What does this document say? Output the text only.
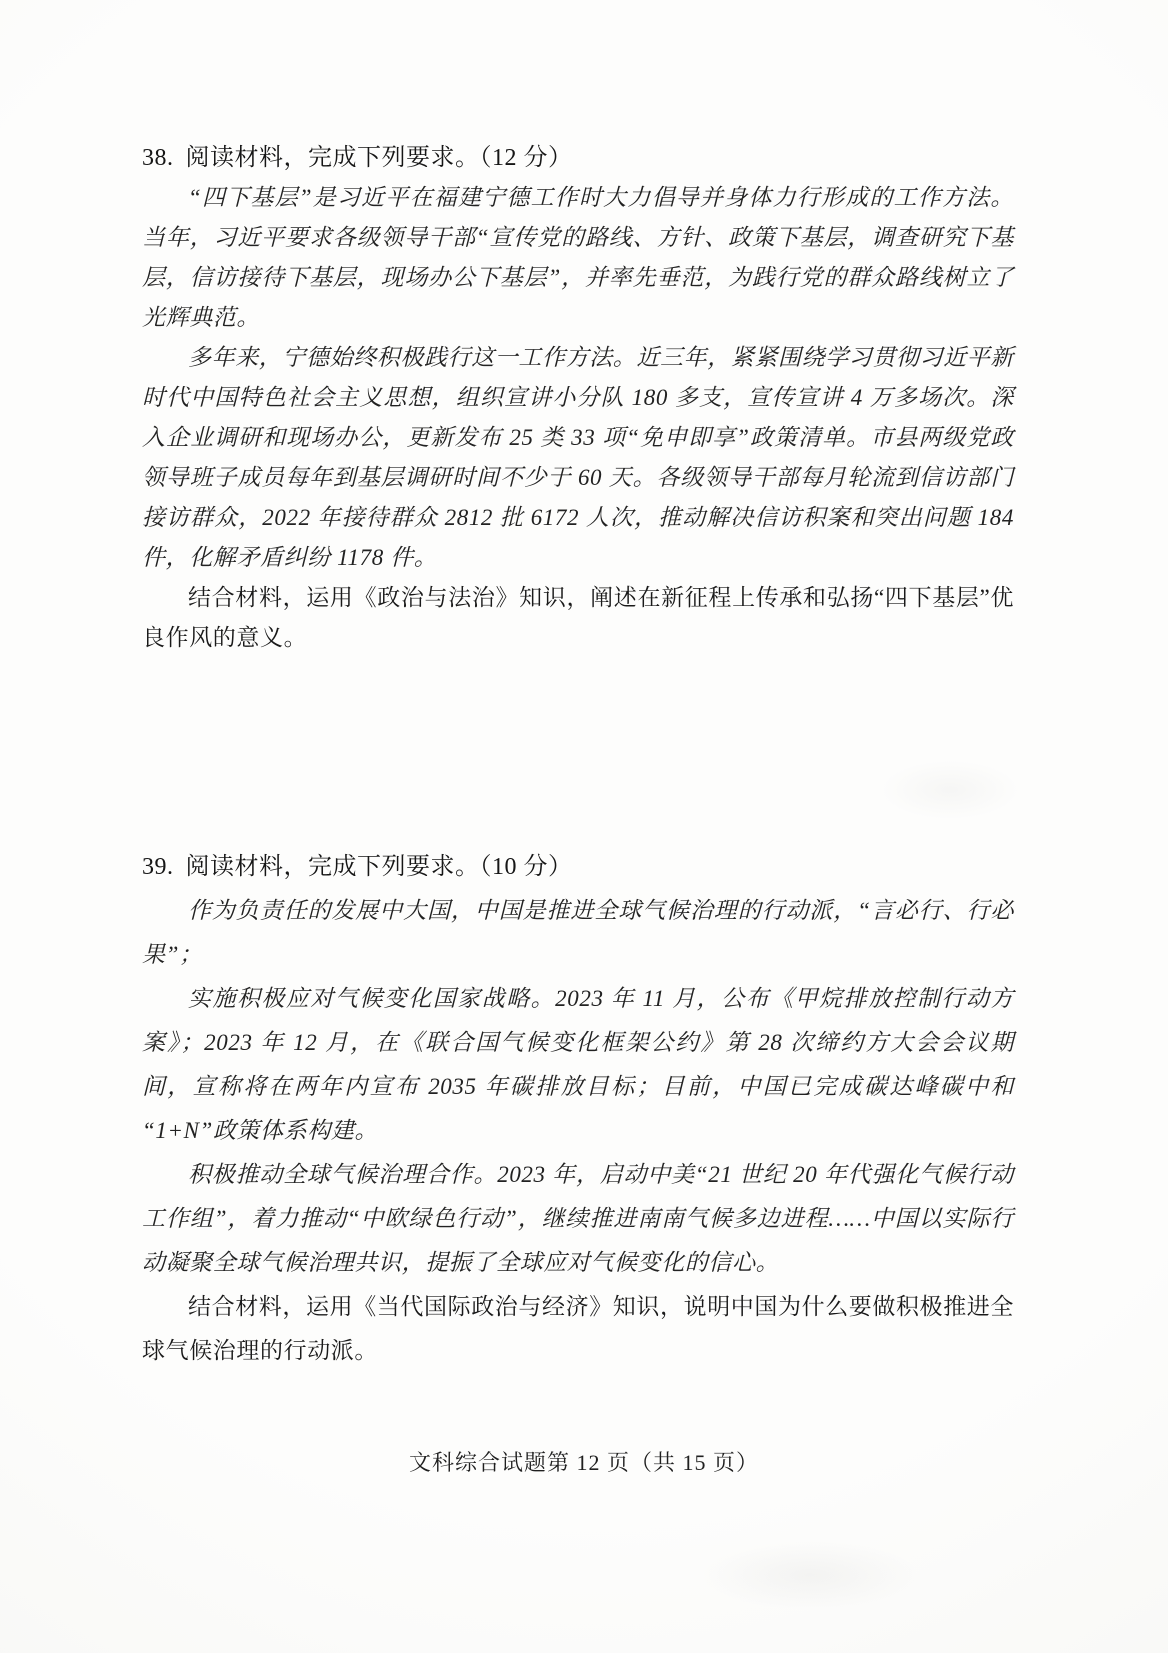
38. 阅读材料，完成下列要求。（12 分）

“四下基层”是习近平在福建宁德工作时大力倡导并身体力行形成的工作方法。当年，习近平要求各级领导干部“宣传党的路线、方针、政策下基层，调查研究下基层，信访接待下基层，现场办公下基层”，并率先垂范，为践行党的群众路线树立了光辉典范。

多年来，宁德始终积极践行这一工作方法。近三年，紧紧围绕学习贯彻习近平新时代中国特色社会主义思想，组织宣讲小分队 180 多支，宣传宣讲 4 万多场次。深入企业调研和现场办公，更新发布 25 类 33 项“免申即享”政策清单。市县两级党政领导班子成员每年到基层调研时间不少于 60 天。各级领导干部每月轮流到信访部门接访群众，2022 年接待群众 2812 批 6172 人次，推动解决信访积案和突出问题 184 件，化解矛盾纠纷 1178 件。

结合材料，运用《政治与法治》知识，阐述在新征程上传承和弘扬“四下基层”优良作风的意义。

39. 阅读材料，完成下列要求。（10 分）

作为负责任的发展中大国，中国是推进全球气候治理的行动派，“言必行、行必果”；

实施积极应对气候变化国家战略。2023 年 11 月，公布《甲烷排放控制行动方案》；2023 年 12 月，在《联合国气候变化框架公约》第 28 次缔约方大会会议期间，宣称将在两年内宣布 2035 年碳排放目标；目前，中国已完成碳达峰碳中和“1+N”政策体系构建。

积极推动全球气候治理合作。2023 年，启动中美“21 世纪 20 年代强化气候行动工作组”，着力推动“中欧绿色行动”，继续推进南南气候多边进程……中国以实际行动凝聚全球气候治理共识，提振了全球应对气候变化的信心。

结合材料，运用《当代国际政治与经济》知识，说明中国为什么要做积极推进全球气候治理的行动派。

文科综合试题第 12 页（共 15 页）
